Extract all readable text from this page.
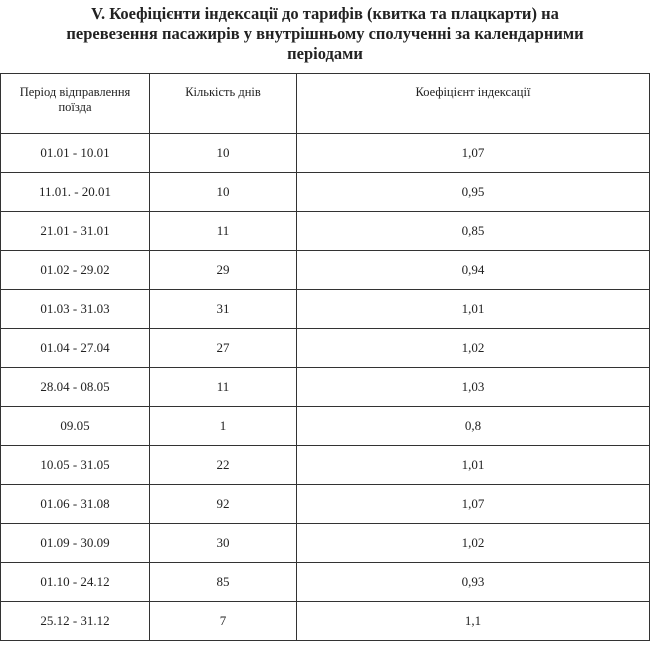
V. Коефіцієнти індексації до тарифів (квитка та плацкарти) на
перевезення пасажирів у внутрішньому сполученні за календарними
періодами
Період відправлення
поїзда	Кількість днів	Коефіцієнт індексації
01.01 - 10.01	10	1,07
11.01. - 20.01	10	0,95
21.01 - 31.01	11	0,85
01.02 - 29.02	29	0,94
01.03 - 31.03	31	1,01
01.04 - 27.04	27	1,02
28.04 - 08.05	11	1,03
09.05	1	0,8
10.05 - 31.05	22	1,01
01.06 - 31.08	92	1,07
01.09 - 30.09	30	1,02
01.10 - 24.12	85	0,93
25.12 - 31.12	7	1,1
